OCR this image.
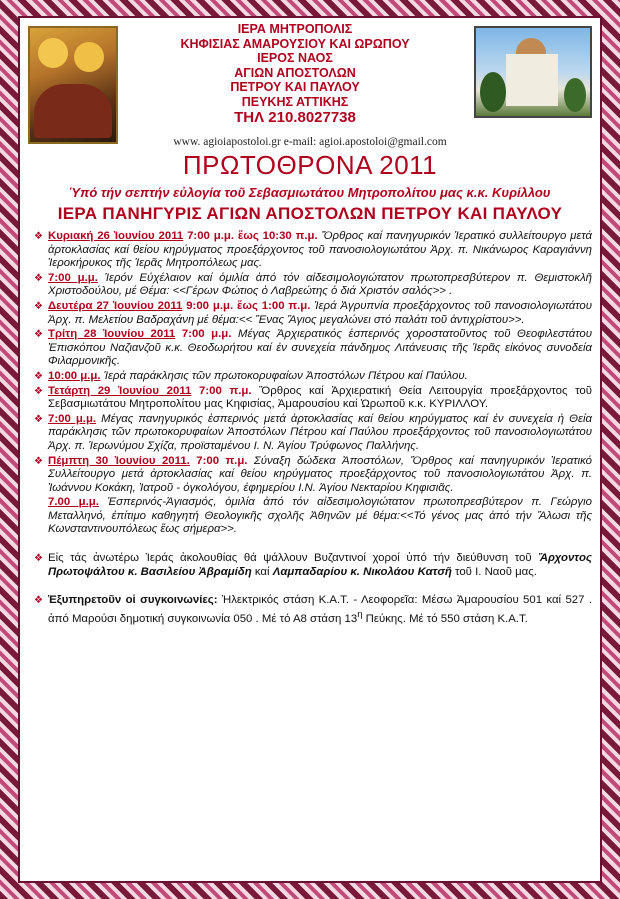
ΙΕΡΑ ΜΗΤΡΟΠΟΛΙΣ
ΚΗΦΙΣΙΑΣ ΑΜΑΡΟΥΣΙΟΥ ΚΑΙ ΩΡΩΠΟΥ
ΙΕΡΟΣ ΝΑΟΣ
ΑΓΙΩΝ ΑΠΟΣΤΟΛΩΝ
ΠΕΤΡΟΥ ΚΑΙ ΠΑΥΛΟΥ
ΠΕΥΚΗΣ ΑΤΤΙΚΗΣ
ΤΗΛ 210.8027738
www. agioiapostoloi.gr e-mail: agioi.apostoloi@gmail.com
ΠΡΩΤΟΘΡΟΝΑ 2011
Ὑπό τήν σεπτήν εὐλογία τοῦ Σεβασμιωτάτου Μητροπολίτου μας κ.κ. Κυρίλλου
ΙΕΡΑ ΠΑΝΗΓΥΡΙΣ ΑΓΙΩΝ ΑΠΟΣΤΟΛΩΝ ΠΕΤΡΟΥ ΚΑΙ ΠΑΥΛΟΥ
❖ Κυριακή 26 Ἰουνίου 2011 7:00 μ.μ. ἕως 10:30 π.μ. Ὄρθρος καί πανηγυρικόν Ἱερατικό συλλείτουργο μετά ἀρτοκλασίας καί θείου κηρύγματος προεξάρχοντος τοῦ πανοσιολογιωτάτου Ἀρχ. π. Νικάνωρος Καραγιάννη Ἱεροκήρυκος τῆς Ἱερᾶς Μητροπόλεως μας.
❖ 7:00 μ.μ. Ἱερόν Εὐχέλαιον καί ὁμιλία ἀπό τόν αἰδεσιμολογιώτατον πρωτοπρεσβύτερον π. Θεμιστοκλῆ Χριστοδούλου, μέ Θέμα: <<Γέρων Φώτιος ὁ Λαβρεώτης ὁ διά Χριστόν σαλός>> .
❖ Δευτέρα 27 Ἰουνίου 2011 9:00 μ.μ. ἕως 1:00 π.μ. Ἱερά Ἀγρυπνία προεξάρχοντος τοῦ πανοσιολογιωτάτου Ἀρχ. π. Μελετίου Βαδραχάνη μέ θέμα:<< Ἕνας Ἅγιος μεγαλώνει στό παλάτι τοῦ ἀντιχρίστου>>.
❖ Τρίτη 28 Ἰουνίου 2011 7:00 μ.μ. Μέγας Ἀρχιερατικός ἑσπερινός χοροστατοῦντος τοῦ Θεοφιλεστάτου Ἐπισκόπου Ναζιανζοῦ κ.κ. Θεοδωρήτου καί ἐν συνεχεία πάνδημος Λιτάνευσις τῆς Ἱερᾶς εἰκόνος συνοδεία Φιλαρμονικῆς.
❖ 10:00 μ.μ. Ἱερά παράκλησις τῶν πρωτοκορυφαίων Ἀποστόλων Πέτρου καί Παύλου.
❖ Τετάρτη 29 Ἰουνίου 2011 7:00 π.μ. Ὄρθρος καί Ἀρχιερατική Θεία Λειτουργία προεξάρχοντος τοῦ Σεβασμιωτάτου Μητροπολίτου μας Κηφισίας, Ἀμαρουσίου καί Ὠρωποῦ κ.κ. ΚΥΡΙΛΛΟΥ.
❖ 7:00 μ.μ. Μέγας πανηγυρικός ἑσπερινός μετά ἀρτοκλασίας καί θείου κηρύγματος καί ἐν συνεχεία ἡ Θεία παράκλησις τῶν πρωτοκορυφαίων Ἀποστόλων Πέτρου καί Παύλου προεξάρχοντος τοῦ πανοσιολογιωτάτου Ἀρχ. π. Ἱερωνύμου Σχίζα, προϊσταμένου Ι. Ν. Ἁγίου Τρύφωνος Παλλήνης.
❖ Πέμπτη 30 Ἰουνίου 2011. 7:00 π.μ. Σύναξη δώδεκα Ἀποστόλων, Ὄρθρος καί πανηγυρικόν Ἱερατικό Συλλείτουργο μετά ἀρτοκλασίας καί θείου κηρύγματος προεξάρχοντος τοῦ πανοσιολογιωτάτου Ἀρχ. π. Ἰωάννου Κοκάκη, Ἰατροῦ - ὀγκολόγου, ἐφημερίου Ι.Ν. Ἁγίου Νεκταρίου Κηφισιᾶς.
7.00 μ.μ. Ἑσπερινός-Ἁγιασμός, ὁμιλία ἀπό τόν αἰδεσιμολογιώτατον πρωτοπρεσβύτερον π. Γεώργιο Μεταλληνό, ἐπίτιμο καθηγητή Θεολογικῆς σχολῆς Ἀθηνῶν μέ θέμα:<<Τό γένος μας ἀπό τήν Ἅλωσι τῆς Κωνσταντινουπόλεως ἕως σήμερα>>.
❖ Εἰς τάς ἀνωτέρω Ἱεράς ἀκολουθίας θά ψάλλουν Βυζαντινοί χοροί ὑπό τήν διεύθυνση τοῦ Ἄρχοντος Πρωτοψάλτου κ. Βασιλείου Ἀβραμίδη καί Λαμπαδαρίου κ. Νικολάου Κατσῆ τοῦ Ι. Ναοῦ μας.
❖ Ἐξυπηρετοῦν οἱ συγκοινωνίες: Ἠλεκτρικός στάση Κ.Α.Τ. - Λεοφορεῖα: Μέσω Ἀμαρουσίου 501 καί 527 . ἀπό Μαρούσι δημοτική συγκοινωνία 050 . Μέ τό Α8 στάση $13^\eta$ Πεύκης. Μέ τό 550 στάση Κ.Α.Τ.
